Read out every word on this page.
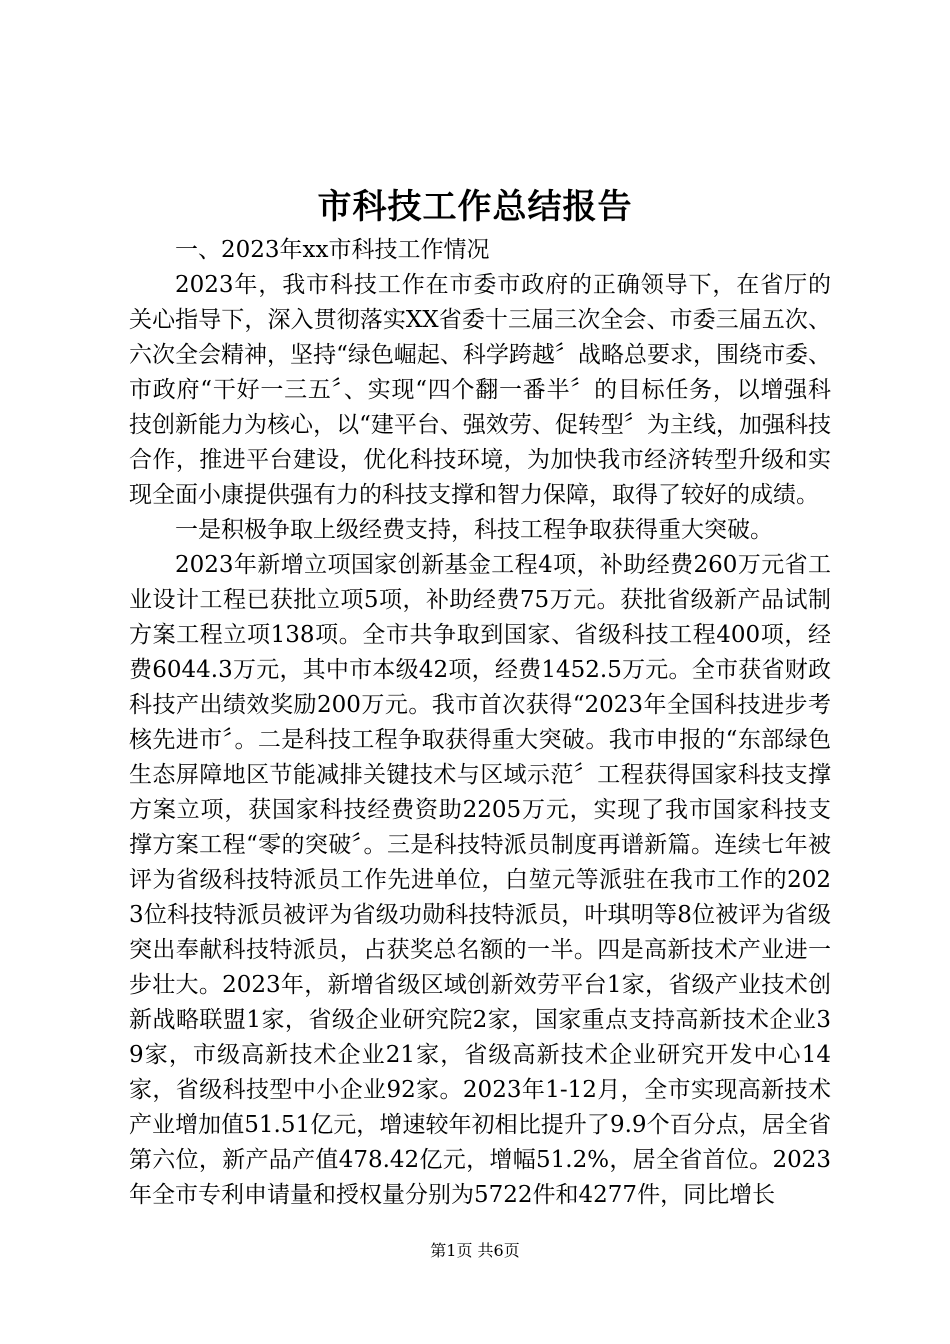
市科技工作总结报告

一、2023年xx市科技工作情况

2023年，我市科技工作在市委市政府的正确领导下，在省厅的关心指导下，深入贯彻落实XX省委十三届三次全会、市委三届五次、六次全会精神，坚持“绿色崛起、科学跨越〞战略总要求，围绕市委、市政府“干好一三五〞、实现“四个翻一番半〞的目标任务，以增强科技创新能力为核心，以“建平台、强效劳、促转型〞为主线，加强科技合作，推进平台建设，优化科技环境，为加快我市经济转型升级和实现全面小康提供强有力的科技支撑和智力保障，取得了较好的成绩。

一是积极争取上级经费支持，科技工程争取获得重大突破。

2023年新增立项国家创新基金工程4项，补助经费260万元省工业设计工程已获批立项5项，补助经费75万元。获批省级新产品试制方案工程立项138项。全市共争取到国家、省级科技工程400项，经费6044.3万元，其中市本级42项，经费1452.5万元。全市获省财政科技产出绩效奖励200万元。我市首次获得“2023年全国科技进步考核先进市〞。二是科技工程争取获得重大突破。我市申报的“东部绿色生态屏障地区节能减排关键技术与区域示范〞工程获得国家科技支撑方案立项，获国家科技经费资助2205万元，实现了我市国家科技支撑方案工程“零的突破〞。三是科技特派员制度再谱新篇。连续七年被评为省级科技特派员工作先进单位，白堃元等派驻在我市工作的2023位科技特派员被评为省级功勋科技特派员，叶琪明等8位被评为省级突出奉献科技特派员，占获奖总名额的一半。四是高新技术产业进一步壮大。2023年，新增省级区域创新效劳平台1家，省级产业技术创新战略联盟1家，省级企业研究院2家，国家重点支持高新技术企业39家，市级高新技术企业21家，省级高新技术企业研究开发中心14家，省级科技型中小企业92家。2023年1-12月，全市实现高新技术产业增加值51.51亿元，增速较年初相比提升了9.9个百分点，居全省第六位，新产品产值478.42亿元，增幅51.2%，居全省首位。2023年全市专利申请量和授权量分别为5722件和4277件，同比增长

第1页 共6页
